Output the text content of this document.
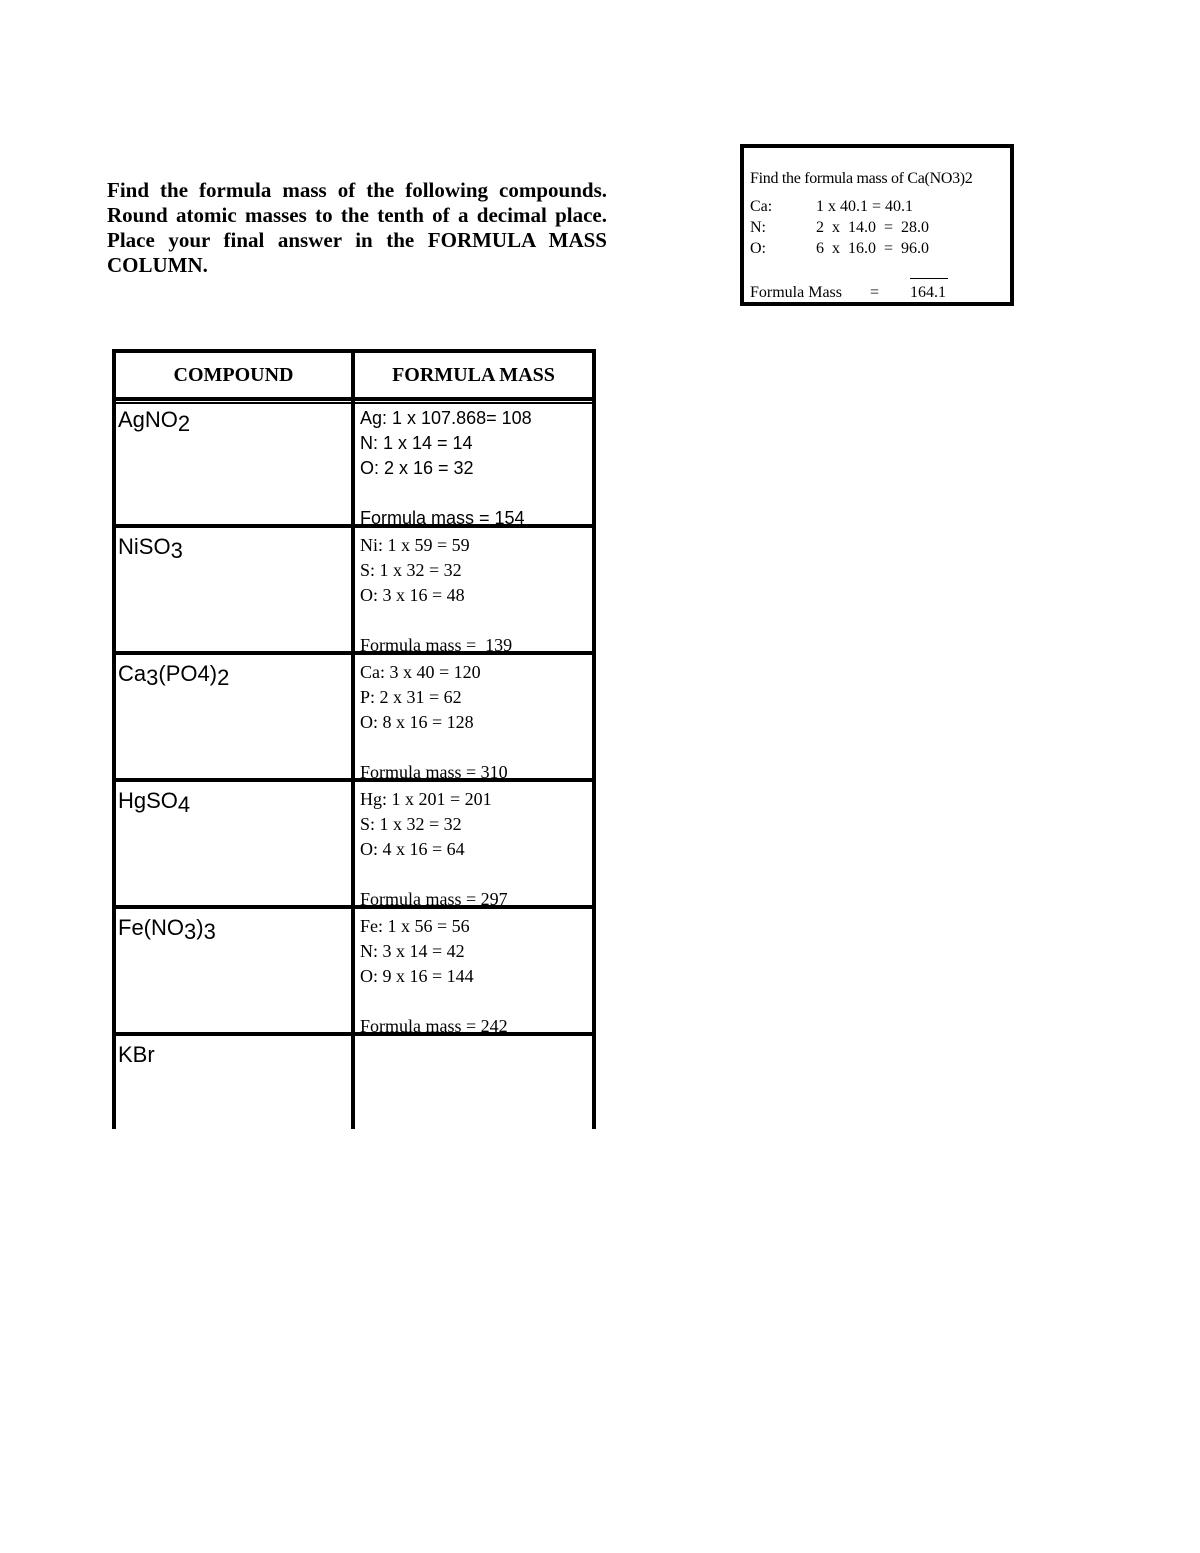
Find the formula mass of the following compounds. Round atomic masses to the tenth of a decimal place. Place your final answer in the FORMULA MASS COLUMN.
Find the formula mass of Ca(NO3)2
Ca:	1 x 40.1 = 40.1
N:	2  x  14.0  =  28.0
O:	6  x  16.0  =  96.0
Formula Mass = 164.1
COMPOUND	FORMULA MASS
AgNO$_2$	Ag: 1 x 107.868= 108
N: 1 x 14 = 14
O: 2 x 16 = 32
Formula mass = 154
NiSO$_3$	Ni: 1 x 59 = 59
S: 1 x 32 = 32
O: 3 x 16 = 48
Formula mass =  139
$Ca_3(PO4)_2$	Ca: 3 x 40 = 120
P: 2 x 31 = 62
O: 8 x 16 = 128
Formula mass = 310
HgSO$_4$	Hg: 1 x 201 = 201
S: 1 x 32 = 32
O: 4 x 16 = 64
Formula mass = 297
$Fe(NO_3)_3$	Fe: 1 x 56 = 56
N: 3 x 14 = 42
O: 9 x 16 = 144
Formula mass = 242
KBr
